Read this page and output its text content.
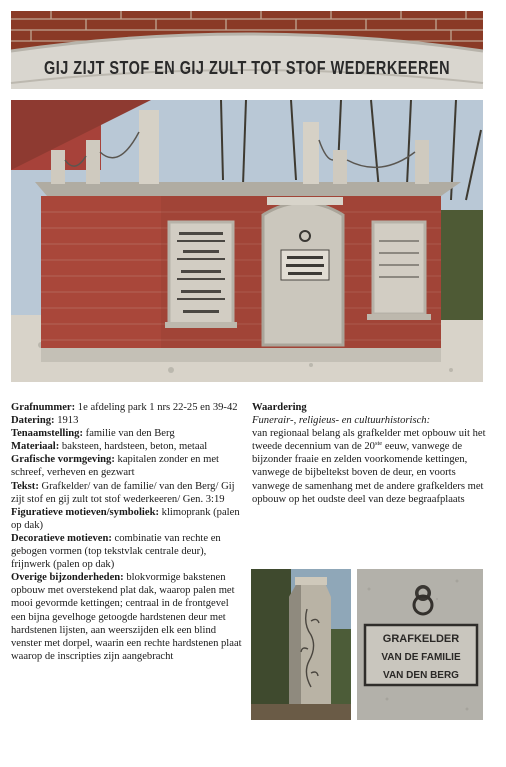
GIJ ZIJT STOF EN GIJ ZULT TOT STOF WEDERKEEREN

Grafnummer: 1e afdeling park 1 nrs 22-25 en 39-42

Datering: 1913

Tenaamstelling: familie van den Berg

Materiaal: baksteen, hardsteen, beton, metaal

Grafische vormgeving: kapitalen zonder en met schreef, verheven en gezwart

Tekst: Grafkelder/ van de familie/ van den Berg/ Gij zijt stof en gij zult tot stof wederkeeren/ Gen. 3:19

Figuratieve motieven/symboliek: klimoprank (palen op dak)

Decoratieve motieven: combinatie van rechte en gebogen vormen (top tekstvlak centrale deur), frijnwerk (palen op dak)

Overige bijzonderheden: blokvormige bakstenen opbouw met overstekend plat dak, waarop palen met mooi gevormde kettingen; centraal in de frontgevel een bijna gevelhoge getoogde hardstenen deur met hardstenen lijsten, aan weerszijden elk een blind venster met dorpel, waarin een rechte hardstenen plaat waarop de inscripties zijn aangebracht

Waardering

Funerair-, religieus- en cultuurhistorisch:

van regionaal belang als grafkelder met opbouw uit het tweede decennium van de 20ste eeuw, vanwege de bijzonder fraaie en zelden voorkomende kettingen, vanwege de bijbeltekst boven de deur, en voorts vanwege de samenhang met de andere grafkelders met opbouw op het oudste deel van deze begraafplaats

GRAFKELDER
VAN DE FAMILIE
VAN DEN BERG
